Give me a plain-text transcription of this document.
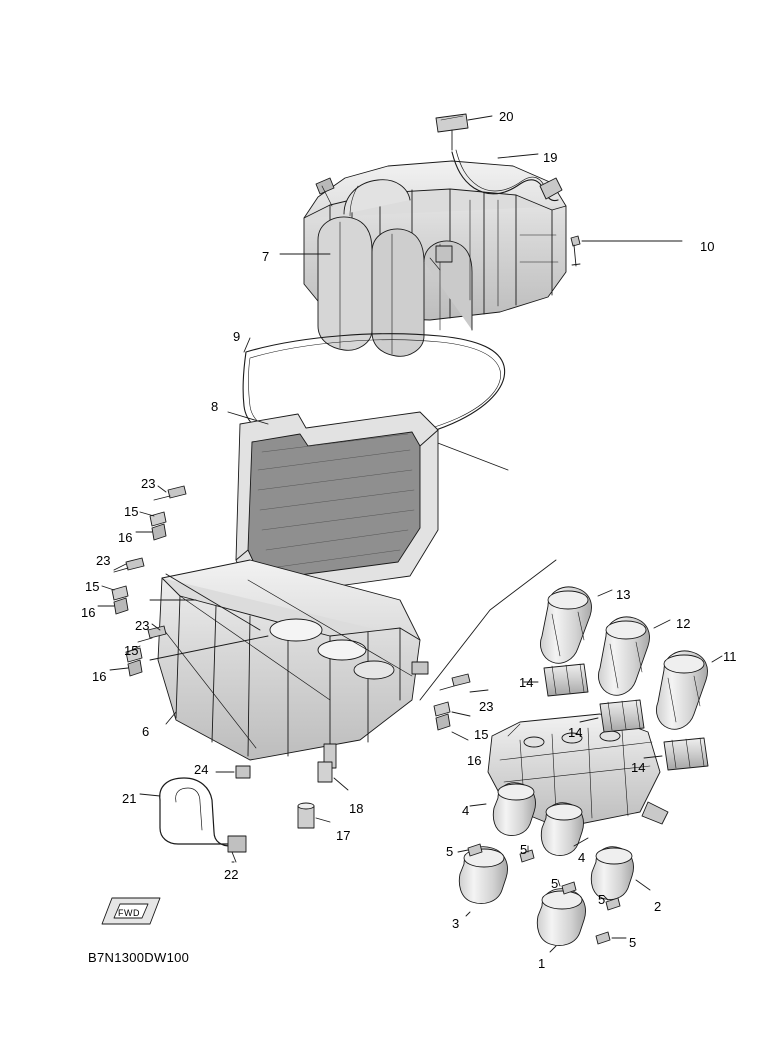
FWD
B7N1300DW100
20
19
10
7
9
8
23
15
16
23
15
16
23
15
16
6
13
12
11
14
14
14
23
15
16
24
21
22
18
17
4
4
5	5
5
5
5
3
2
1
